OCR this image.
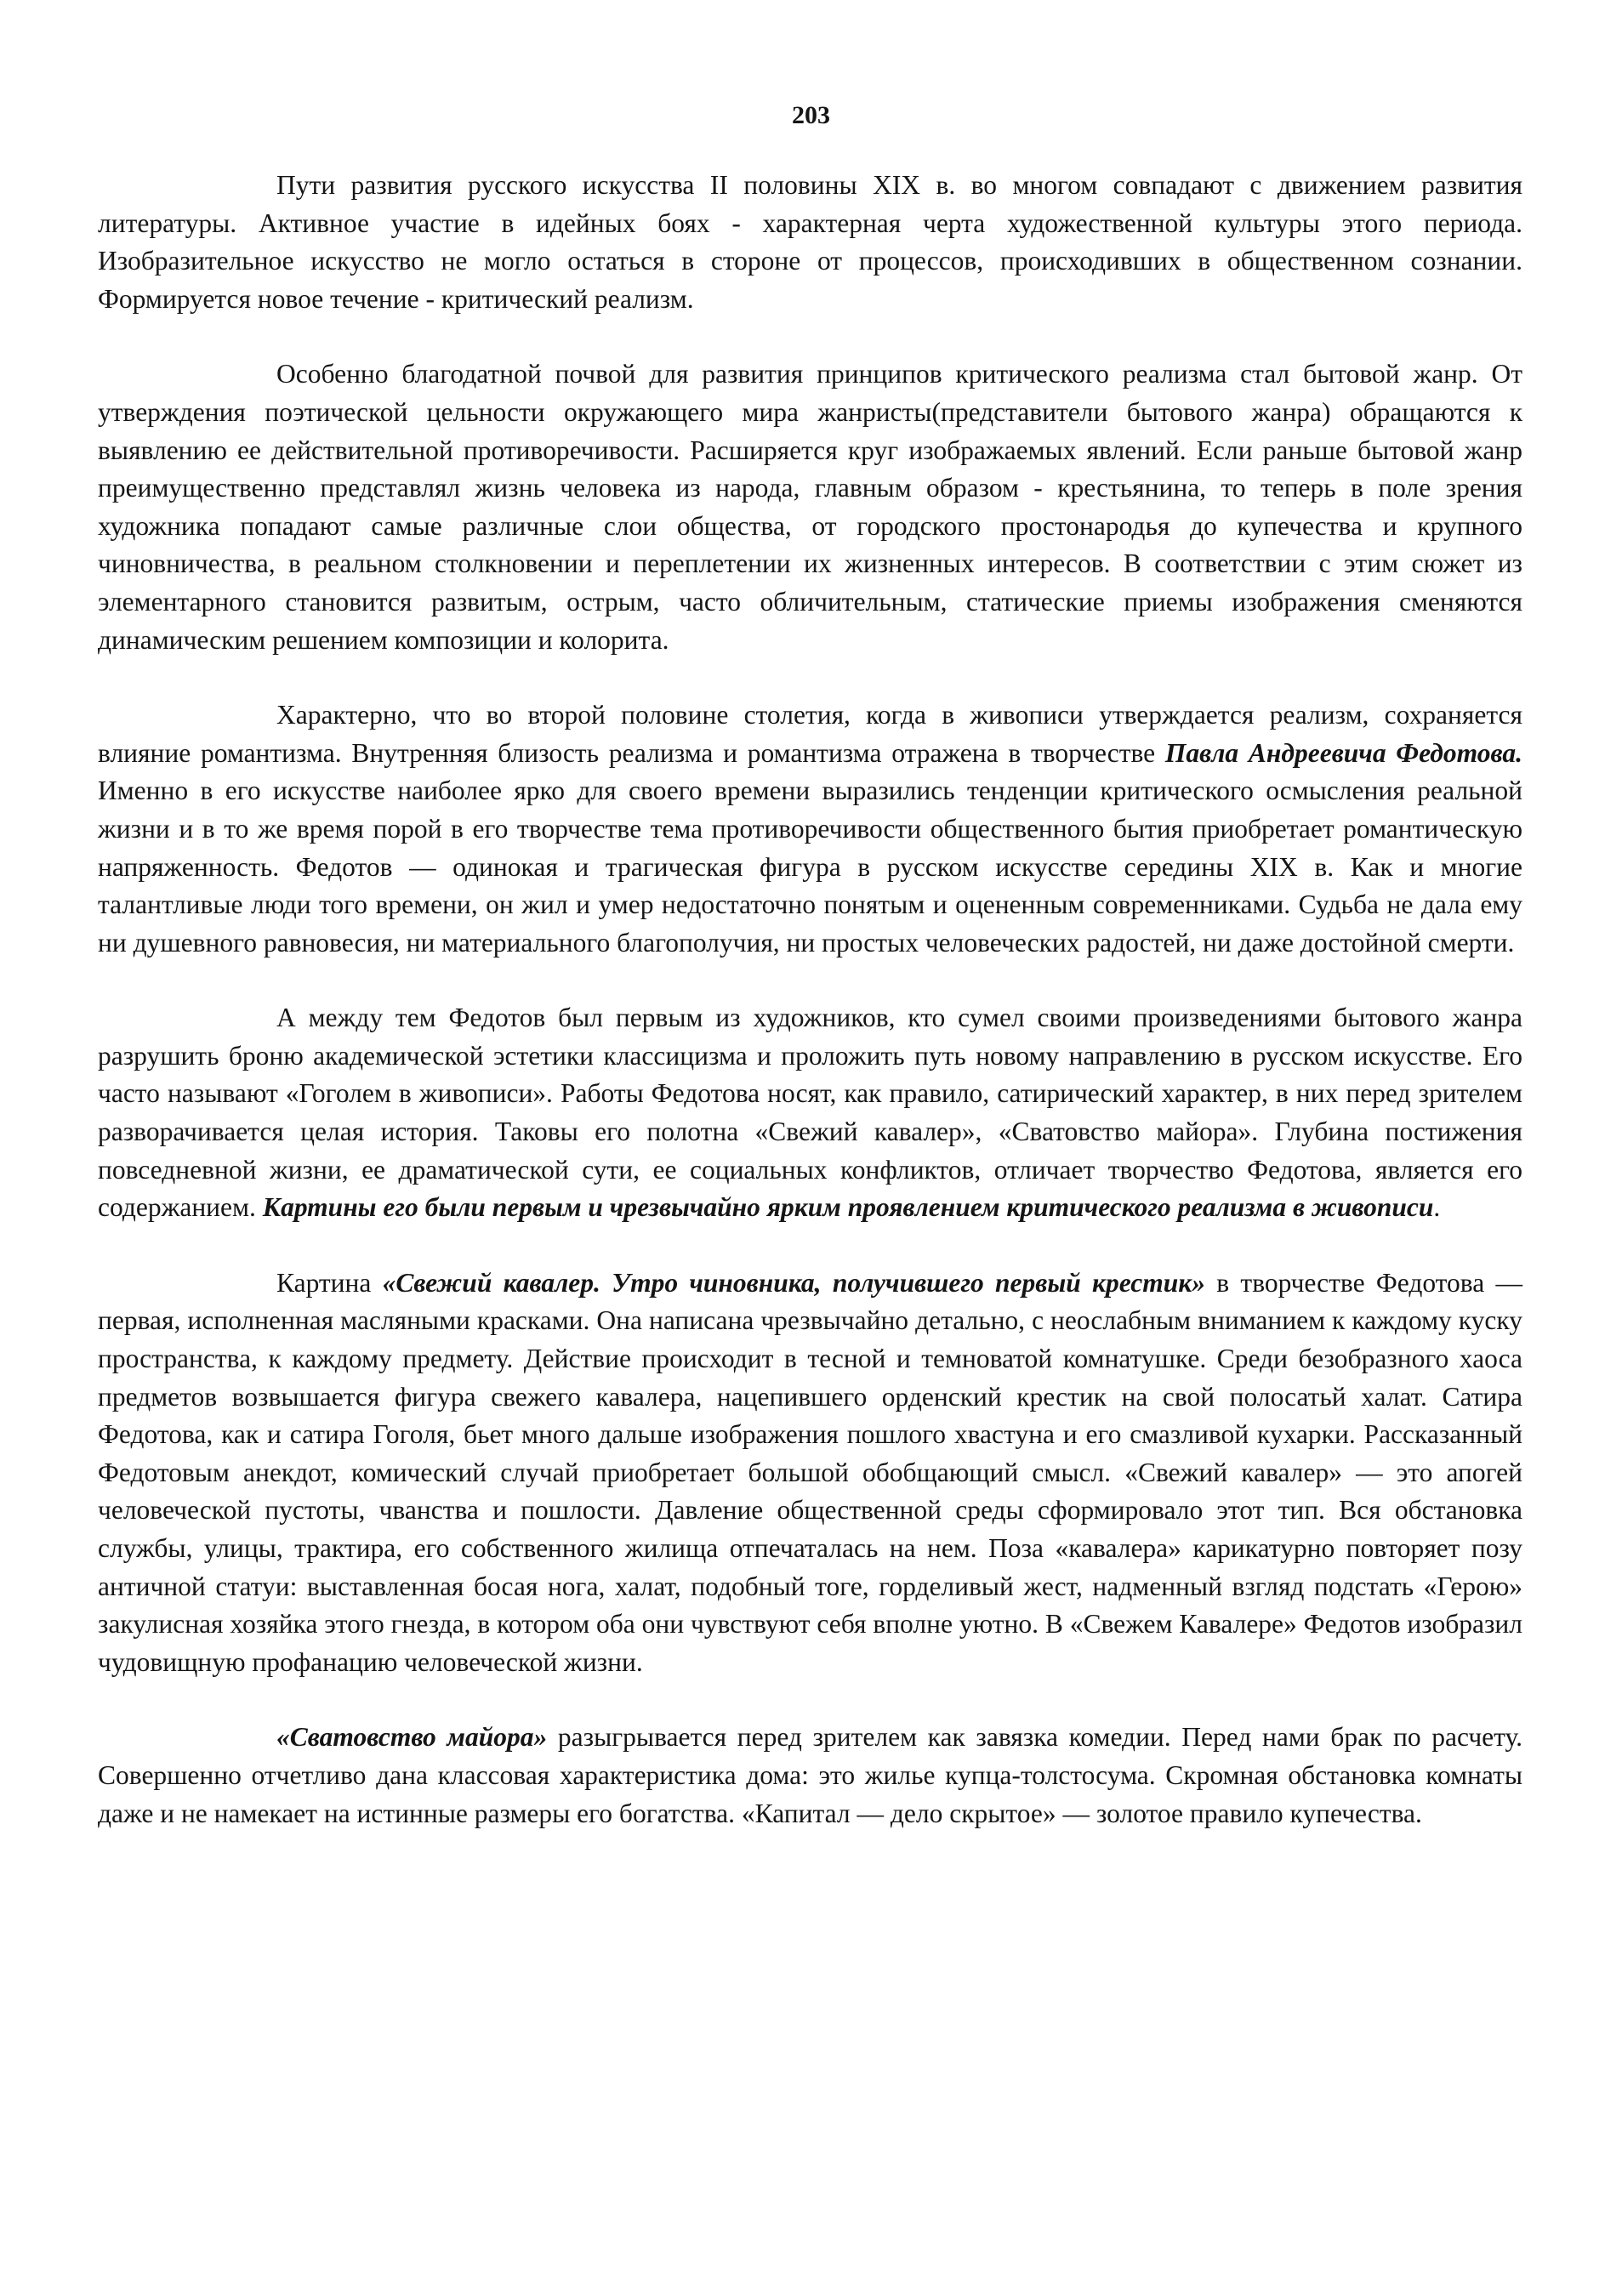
203

Пути развития русского искусства II половины XIX в. во многом совпадают с движением развития литературы. Активное участие в идейных боях - характерная черта художественной культуры этого периода. Изобразительное искусство не могло остаться в стороне от процессов, происходивших в общественном сознании. Формируется новое течение - критический реализм.

Особенно благодатной почвой для развития принципов критического реализма стал бытовой жанр. От утверждения поэтической цельности окружающего мира жанристы(представители бытового жанра) обращаются к выявлению ее действительной противоречивости. Расширяется круг изображаемых явлений. Если раньше бытовой жанр преимущественно представлял жизнь человека из народа, главным образом - крестьянина, то теперь в поле зрения художника попадают самые различные слои общества, от городского простонародья до купечества и крупного чиновничества, в реальном столкновении и переплетении их жизненных интересов. В соответствии с этим сюжет из элементарного становится развитым, острым, часто обличительным, статические приемы изображения сменяются динамическим решением композиции и колорита.

Характерно, что во второй половине столетия, когда в живописи утверждается реализм, сохраняется влияние романтизма. Внутренняя близость реализма и романтизма отражена в творчестве Павла Андреевича Федотова. Именно в его искусстве наиболее ярко для своего времени выразились тенденции критического осмысления реальной жизни и в то же время порой в его творчестве тема противоречивости общественного бытия приобретает романтическую напряженность. Федотов — одинокая и трагическая фигура в русском искусстве середины XIX в. Как и многие талантливые люди того времени, он жил и умер недостаточно понятым и оцененным современниками. Судьба не дала ему ни душевного равновесия, ни материального благополучия, ни простых человеческих радостей, ни даже достойной смерти.

А между тем Федотов был первым из художников, кто сумел своими произведениями бытового жанра разрушить броню академической эстетики классицизма и проложить путь новому направлению в русском искусстве. Его часто называют «Гоголем в живописи». Работы Федотова носят, как правило, сатирический характер, в них перед зрителем разворачивается целая история. Таковы его полотна «Свежий кавалер», «Сватовство майора». Глубина постижения повседневной жизни, ее драматической сути, ее социальных конфликтов, отличает творчество Федотова, является его содержанием. Картины его были первым и чрезвычайно ярким проявлением критического реализма в живописи.

Картина «Свежий кавалер. Утро чиновника, получившего первый крестик» в творчестве Федотова — первая, исполненная масляными красками. Она написана чрезвычайно детально, с неослабным вниманием к каждому куску пространства, к каждому предмету. Действие происходит в тесной и темноватой комнатушке. Среди безобразного хаоса предметов возвышается фигура свежего кавалера, нацепившего орденский крестик на свой полосатьй халат. Сатира Федотова, как и сатира Гоголя, бьет много дальше изображения пошлого хвастуна и его смазливой кухарки. Рассказанный Федотовым анекдот, комический случай приобретает большой обобщающий смысл. «Свежий кавалер» — это апогей человеческой пустоты, чванства и пошлости. Давление общественной среды сформировало этот тип. Вся обстановка службы, улицы, трактира, его собственного жилища отпечаталась на нем. Поза «кавалера» карикатурно повторяет позу античной статуи: выставленная босая нога, халат, подобный тоге, горделивый жест, надменный взгляд подстать «Герою» закулисная хозяйка этого гнезда, в котором оба они чувствуют себя вполне уютно. В «Свежем Кавалере» Федотов изобразил чудовищную профанацию человеческой жизни.

«Сватовство майора» разыгрывается перед зрителем как завязка комедии. Перед нами брак по расчету. Совершенно отчетливо дана классовая характеристика дома: это жилье купца-толстосума. Скромная обстановка комнаты даже и не намекает на истинные размеры его богатства. «Капитал — дело скрытое» — золотое правило купечества.
